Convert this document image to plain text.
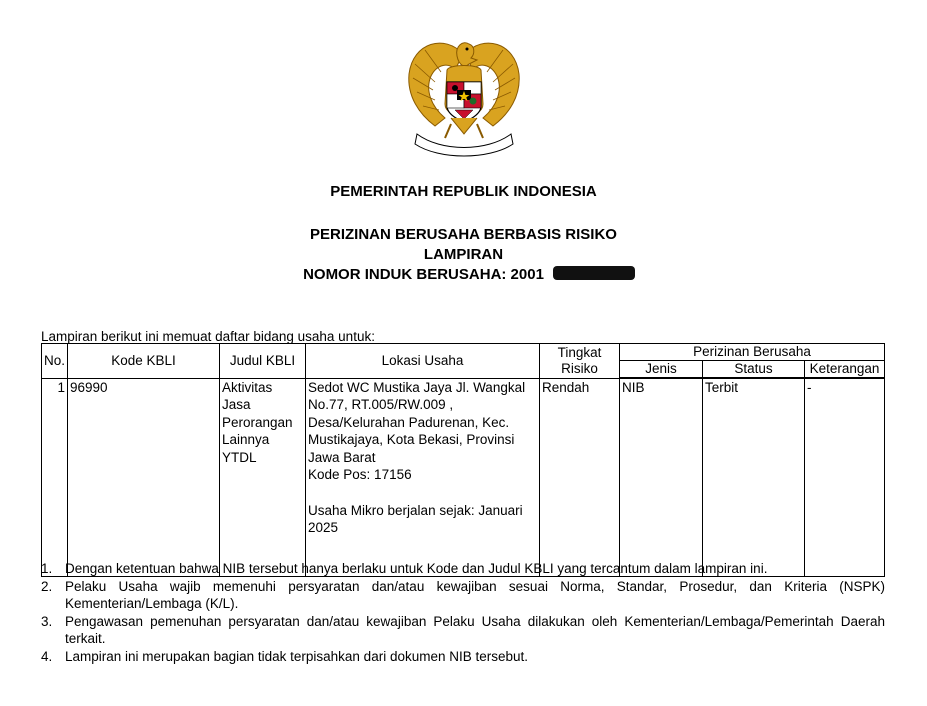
PEMERINTAH REPUBLIK INDONESIA
PERIZINAN BERUSAHA BERBASIS RISIKO
LAMPIRAN
NOMOR INDUK BERUSAHA: 2001
Lampiran berikut ini memuat daftar bidang usaha untuk:
No.	Kode KBLI	Judul KBLI	Lokasi Usaha	Tingkat Risiko	Perizinan Berusaha		
					Jenis	Status	Keterangan
1	96990	Aktivitas Jasa Perorangan Lainnya YTDL	Sedot WC Mustika Jaya Jl. Wangkal No.77, RT.005/RW.009 , Desa/Kelurahan Padurenan, Kec. Mustikajaya, Kota Bekasi, Provinsi Jawa Barat
Kode Pos: 17156
Usaha Mikro berjalan sejak: Januari 2025	Rendah	NIB	Terbit	-
1. Dengan ketentuan bahwa NIB tersebut hanya berlaku untuk Kode dan Judul KBLI yang tercantum dalam lampiran ini.
2. Pelaku Usaha wajib memenuhi persyaratan dan/atau kewajiban sesuai Norma, Standar, Prosedur, dan Kriteria (NSPK) Kementerian/Lembaga (K/L).
3. Pengawasan pemenuhan persyaratan dan/atau kewajiban Pelaku Usaha dilakukan oleh Kementerian/Lembaga/Pemerintah Daerah terkait.
4. Lampiran ini merupakan bagian tidak terpisahkan dari dokumen NIB tersebut.
